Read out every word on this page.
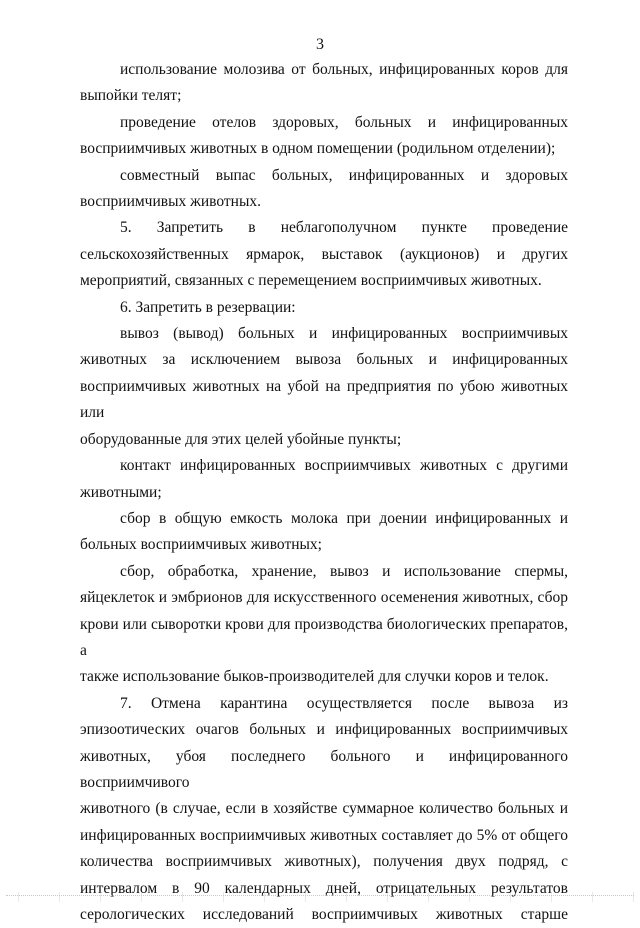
3

использование молозива от больных, инфицированных коров для

выпойки телят;

проведение отелов здоровых, больных и инфицированных

восприимчивых животных в одном помещении (родильном отделении);

совместный выпас больных, инфицированных и здоровых

восприимчивых животных.

5. Запретить в неблагополучном пункте проведение

сельскохозяйственных ярмарок, выставок (аукционов) и других

мероприятий, связанных с перемещением восприимчивых животных.

6. Запретить в резервации:

вывоз (вывод) больных и инфицированных восприимчивых

животных за исключением вывоза больных и инфицированных

восприимчивых животных на убой на предприятия по убою животных или

оборудованные для этих целей убойные пункты;

контакт инфицированных восприимчивых животных с другими

животными;

сбор в общую емкость молока при доении инфицированных и

больных восприимчивых животных;

сбор, обработка, хранение, вывоз и использование спермы,

яйцеклеток и эмбрионов для искусственного осеменения животных, сбор

крови или сыворотки крови для производства биологических препаратов, а

также использование быков-производителей для случки коров и телок.

7. Отмена карантина осуществляется после вывоза из

эпизоотических очагов больных и инфицированных восприимчивых

животных, убоя последнего больного и инфицированного восприимчивого

животного (в случае, если в хозяйстве суммарное количество больных и

инфицированных восприимчивых животных составляет до 5% от общего

количества восприимчивых животных), получения двух подряд, с

интервалом в 90 календарных дней, отрицательных результатов

серологических исследований восприимчивых животных старше
